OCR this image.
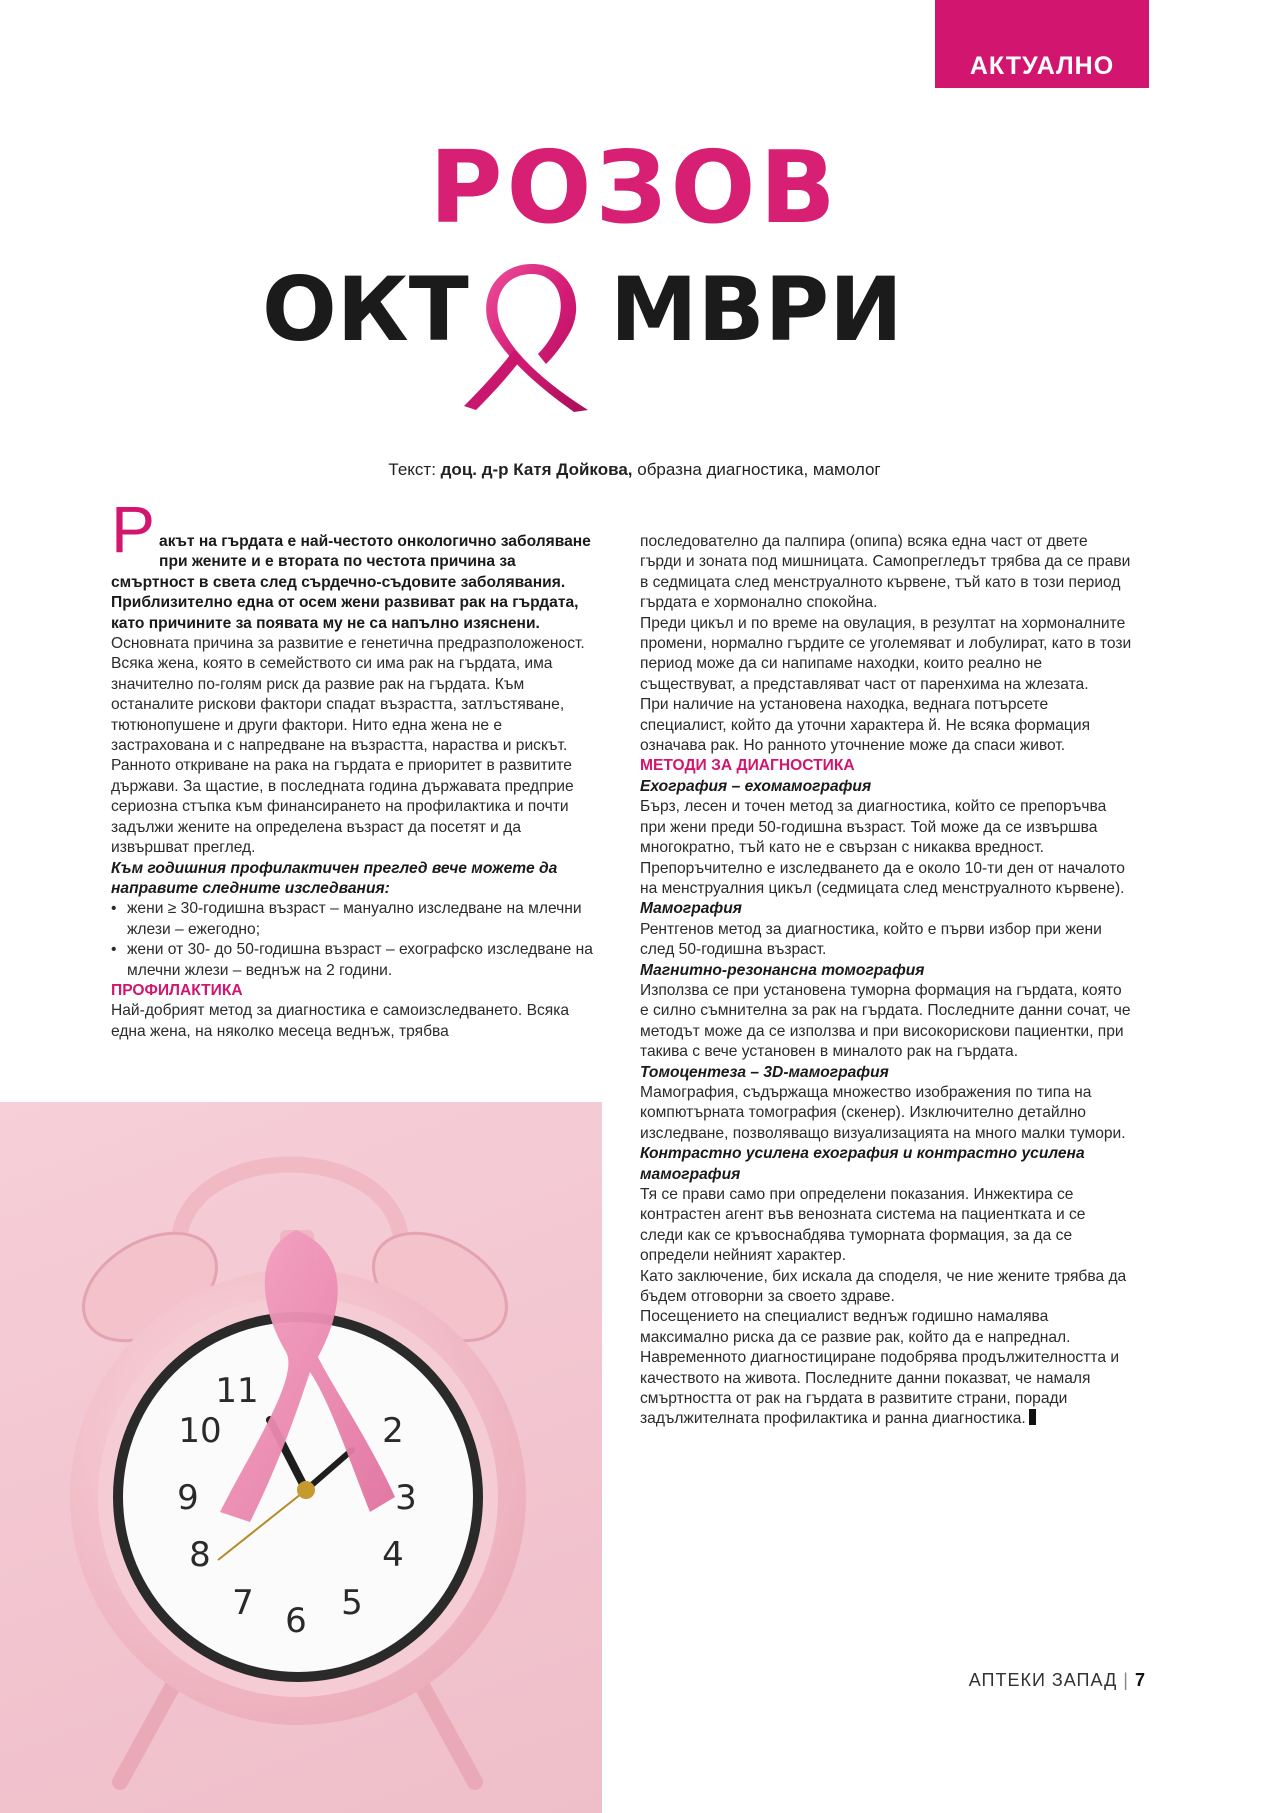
АКТУАЛНО
РОЗОВ
ОКТ МВРИ
Текст: доц. д-р Катя Дойкова, образна диагностика, мамолог

Ракът на гърдата е най-честото онкологично заболяване при жените и е втората по честота причина за смъртност в света след сърдечно-съдовите заболявания. Приблизително една от осем жени развиват рак на гърдата, като причините за появата му не са напълно изяснени.

Основната причина за развитие е генетична предразположеност. Всяка жена, която в семейството си има рак на гърдата, има значително по-голям риск да развие рак на гърдата. Към останалите рискови фактори спадат възрастта, затлъстяване, тютюнопушене и други фактори. Нито една жена не е застрахована и с напредване на възрастта, нараства и рискът.

Ранното откриване на рака на гърдата е приоритет в развитите държави. За щастие, в последната година държавата предприе сериозна стъпка към финансирането на профилактика и почти задължи жените на определена възраст да посетят и да извършват преглед.

Към годишния профилактичен преглед вече можете да направите следните изследвания:

• жени ≥ 30-годишна възраст – мануално изследване на млечни жлези – ежегодно;
• жени от 30- до 50-годишна възраст – ехографско изследване на млечни жлези – веднъж на 2 години.

ПРОФИЛАКТИКА

Най-добрият метод за диагностика е самоизследването. Всяка една жена, на няколко месеца веднъж, трябва

последователно да палпира (опипа) всяка една част от двете гърди и зоната под мишницата. Самопрегледът трябва да се прави в седмицата след менструалното кървене, тъй като в този период гърдата е хормонално спокойна.

Преди цикъл и по време на овулация, в резултат на хормоналните промени, нормално гърдите се уголемяват и лобулират, като в този период може да си напипаме находки, които реално не съществуват, а представляват част от паренхима на жлезата.

При наличие на установена находка, веднага потърсете специалист, който да уточни характера й. Не всяка формация означава рак. Но ранното уточнение може да спаси живот.

МЕТОДИ ЗА ДИАГНОСТИКА

Ехография – ехомамография

Бърз, лесен и точен метод за диагностика, който се препоръчва при жени преди 50-годишна възраст. Той може да се извършва многократно, тъй като не е свързан с никаква вредност.

Препоръчително е изследването да е около 10-ти ден от началото на менструалния цикъл (седмицата след менструалното кървене).

Мамография

Рентгенов метод за диагностика, който е първи избор при жени след 50-годишна възраст.

Магнитно-резонансна томография

Използва се при установена туморна формация на гърдата, която е силно съмнителна за рак на гърдата. Последните данни сочат, че методът може да се използва и при високорискови пациентки, при такива с вече установен в миналото рак на гърдата.

Томоцентеза – 3D-мамография

Мамография, съдържаща множество изображения по типа на компютърната томография (скенер). Изключително детайлно изследване, позволяващо визуализацията на много малки тумори.

Контрастно усилена ехография и контрастно усилена мамография

Тя се прави само при определени показания. Инжектира се контрастен агент във венозната система на пациентката и се следи как се кръвоснабдява туморната формация, за да се определи нейният характер.

Като заключение, бих искала да споделя, че ние жените трябва да бъдем отговорни за своето здраве.

Посещението на специалист веднъж годишно намалява максимално риска да се развие рак, който да е напреднал.

Навременното диагностициране подобрява продължителността и качеството на живота. Последните данни показват, че намаля смъртността от рак на гърдата в развитите страни, поради задължителната профилактика и ранна диагностика.

11
10
9
8
7 6 5
4
3
2
АПТЕКИ ЗАПАД | 7
